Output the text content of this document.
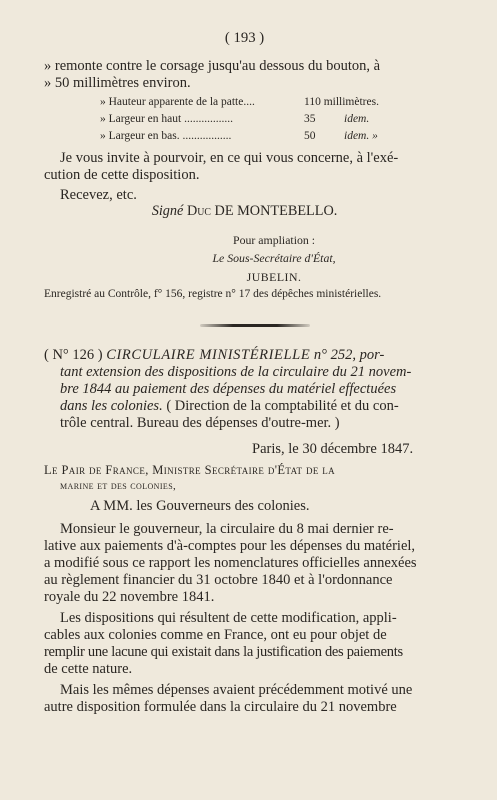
( 193 )
» remonte contre le corsage jusqu'au dessous du bouton, à
» 50 millimètres environ.
» Hauteur apparente de la patte....	110 millimètres.
» Largeur en haut .................	35 idem.
» Largeur en bas. .................	50 idem. »
Je vous invite à pourvoir, en ce qui vous concerne, à l'exé-
cution de cette disposition.
Recevez, etc.
Signé Duc DE MONTEBELLO.
Pour ampliation :
Le Sous-Secrétaire d'État,
JUBELIN.
Enregistré au Contrôle, f° 156, registre n° 17 des dépêches ministérielles.
( N° 126 ) CIRCULAIRE MINISTÉRIELLE n° 252, por-
tant extension des dispositions de la circulaire du 21 novem-
bre 1844 au paiement des dépenses du matériel effectuées
dans les colonies. ( Direction de la comptabilité et du con-
trôle central. Bureau des dépenses d'outre-mer. )
Paris, le 30 décembre 1847.
Le Pair de France, Ministre Secrétaire d'État de la
marine et des colonies,
A MM. les Gouverneurs des colonies.
Monsieur le gouverneur, la circulaire du 8 mai dernier re-
lative aux paiements d'à-comptes pour les dépenses du matériel,
a modifié sous ce rapport les nomenclatures officielles annexées
au règlement financier du 31 octobre 1840 et à l'ordonnance
royale du 22 novembre 1841.
Les dispositions qui résultent de cette modification, appli-
cables aux colonies comme en France, ont eu pour objet de
remplir une lacune qui existait dans la justification des paiements
de cette nature.
Mais les mêmes dépenses avaient précédemment motivé une
autre disposition formulée dans la circulaire du 21 novembre
